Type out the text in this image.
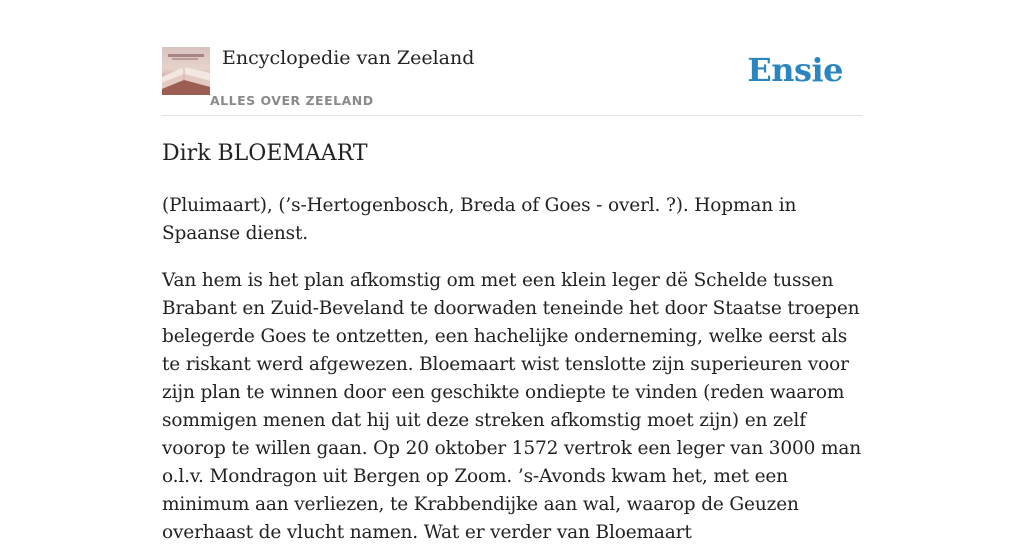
Encyclopedie van Zeeland
ALLES OVER ZEELAND
Ensie
Dirk BLOEMAART

(Pluimaart), (’s-Hertogenbosch, Breda of Goes - overl. ?). Hopman in Spaanse dienst.

Van hem is het plan afkomstig om met een klein leger dë Schelde tussen Brabant en Zuid-Beveland te doorwaden teneinde het door Staatse troepen belegerde Goes te ontzetten, een hachelijke onderneming, welke eerst als te riskant werd afgewezen. Bloemaart wist tenslotte zijn superieuren voor zijn plan te winnen door een geschikte ondiepte te vinden (reden waarom sommigen menen dat hij uit deze streken afkomstig moet zijn) en zelf voorop te willen gaan. Op 20 oktober 1572 vertrok een leger van 3000 man o.l.v. Mondragon uit Bergen op Zoom. ’s-Avonds kwam het, met een minimum aan verliezen, te Krabbendijke aan wal, waarop de Geuzen overhaast de vlucht namen. Wat er verder van Bloemaart
